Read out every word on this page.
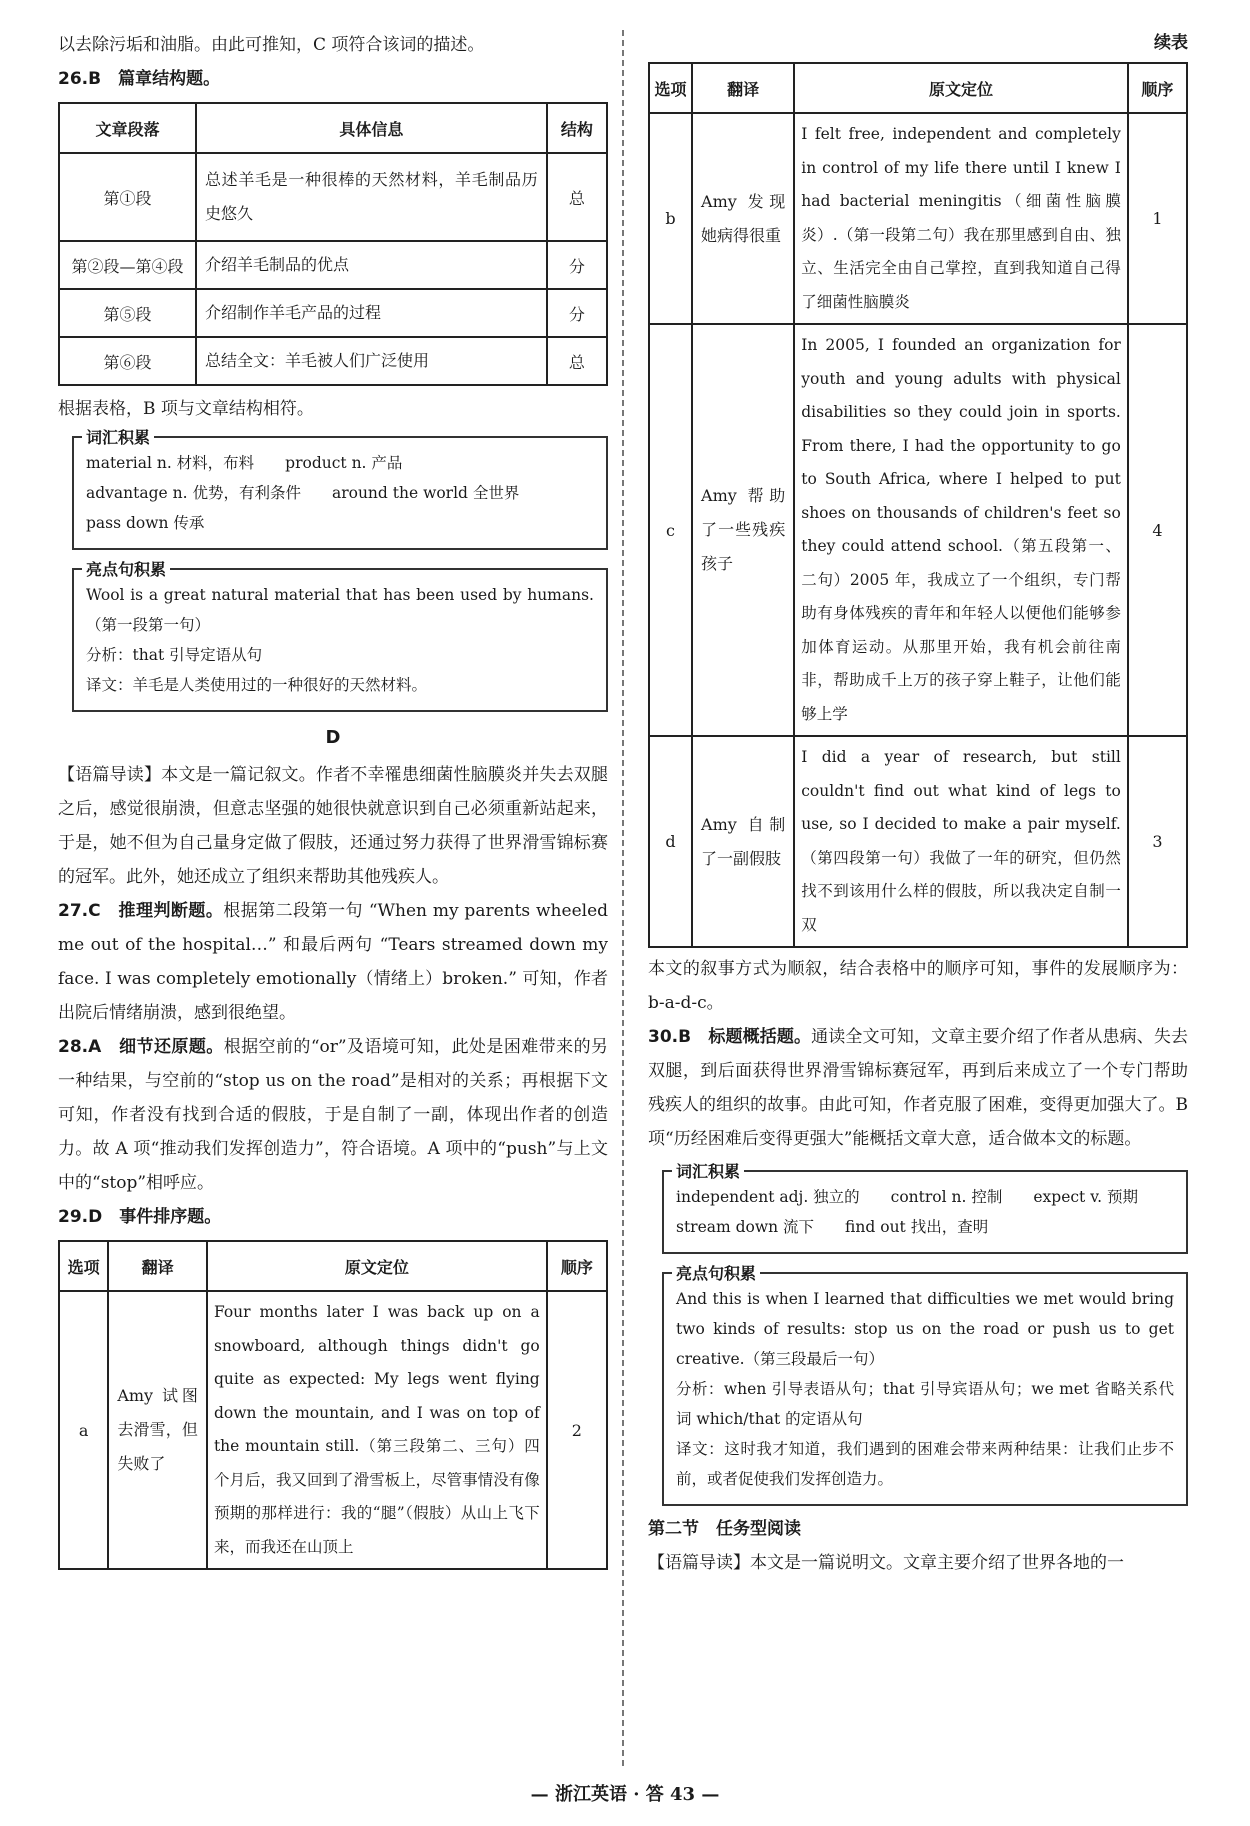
以去除污垢和油脂。由此可推知，C 项符合该词的描述。

26.B　篇章结构题。
文章段落	具体信息	结构
第①段	总述羊毛是一种很棒的天然材料，羊毛制品历史悠久	总
第②段—第④段	介绍羊毛制品的优点	分
第⑤段	介绍制作羊毛产品的过程	分
第⑥段	总结全文：羊毛被人们广泛使用	总

根据表格，B 项与文章结构相符。

词汇积累

material n. 材料，布料　　product n. 产品

advantage n. 优势，有利条件　　around the world 全世界

pass down 传承

亮点句积累

Wool is a great natural material that has been used by humans.（第一段第一句）

分析：that 引导定语从句

译文：羊毛是人类使用过的一种很好的天然材料。

D

【语篇导读】本文是一篇记叙文。作者不幸罹患细菌性脑膜炎并失去双腿之后，感觉很崩溃，但意志坚强的她很快就意识到自己必须重新站起来，于是，她不但为自己量身定做了假肢，还通过努力获得了世界滑雪锦标赛的冠军。此外，她还成立了组织来帮助其他残疾人。

27.C　推理判断题。根据第二段第一句 “When my parents wheeled me out of the hospital…” 和最后两句 “Tears streamed down my face. I was completely emotionally（情绪上）broken.” 可知，作者出院后情绪崩溃，感到很绝望。

28.A　细节还原题。根据空前的“or”及语境可知，此处是困难带来的另一种结果，与空前的“stop us on the road”是相对的关系；再根据下文可知，作者没有找到合适的假肢，于是自制了一副，体现出作者的创造力。故 A 项“推动我们发挥创造力”，符合语境。A 项中的“push”与上文中的“stop”相呼应。

29.D　事件排序题。
选项	翻译	原文定位	顺序
a	Amy 试图去滑雪，但失败了	Four months later I was back up on a snowboard, although things didn't go quite as expected: My legs went flying down the mountain, and I was on top of the mountain still.（第三段第二、三句）四个月后，我又回到了滑雪板上，尽管事情没有像预期的那样进行：我的“腿”（假肢）从山上飞下来，而我还在山顶上	2
续表
选项	翻译	原文定位	顺序
b	Amy 发现她病得很重	I felt free, independent and completely in control of my life there until I knew I had bacterial meningitis（细菌性脑膜炎）.（第一段第二句）我在那里感到自由、独立、生活完全由自己掌控，直到我知道自己得了细菌性脑膜炎	1
c	Amy 帮助了一些残疾孩子	In 2005, I founded an organization for youth and young adults with physical disabilities so they could join in sports. From there, I had the opportunity to go to South Africa, where I helped to put shoes on thousands of children's feet so they could attend school.（第五段第一、二句）2005 年，我成立了一个组织，专门帮助有身体残疾的青年和年轻人以便他们能够参加体育运动。从那里开始，我有机会前往南非，帮助成千上万的孩子穿上鞋子，让他们能够上学	4
d	Amy 自制了一副假肢	I did a year of research, but still couldn't find out what kind of legs to use, so I decided to make a pair myself.（第四段第一句）我做了一年的研究，但仍然找不到该用什么样的假肢，所以我决定自制一双	3

本文的叙事方式为顺叙，结合表格中的顺序可知，事件的发展顺序为：b-a-d-c。

30.B　标题概括题。通读全文可知，文章主要介绍了作者从患病、失去双腿，到后面获得世界滑雪锦标赛冠军，再到后来成立了一个专门帮助残疾人的组织的故事。由此可知，作者克服了困难，变得更加强大了。B 项“历经困难后变得更强大”能概括文章大意，适合做本文的标题。

词汇积累

independent adj. 独立的　　control n. 控制　　expect v. 预期

stream down 流下　　find out 找出，查明

亮点句积累

And this is when I learned that difficulties we met would bring two kinds of results: stop us on the road or push us to get creative.（第三段最后一句）

分析：when 引导表语从句；that 引导宾语从句；we met 省略关系代词 which/that 的定语从句

译文：这时我才知道，我们遇到的困难会带来两种结果：让我们止步不前，或者促使我们发挥创造力。

第二节　任务型阅读

【语篇导读】本文是一篇说明文。文章主要介绍了世界各地的一

— 浙江英语 · 答 43 —
